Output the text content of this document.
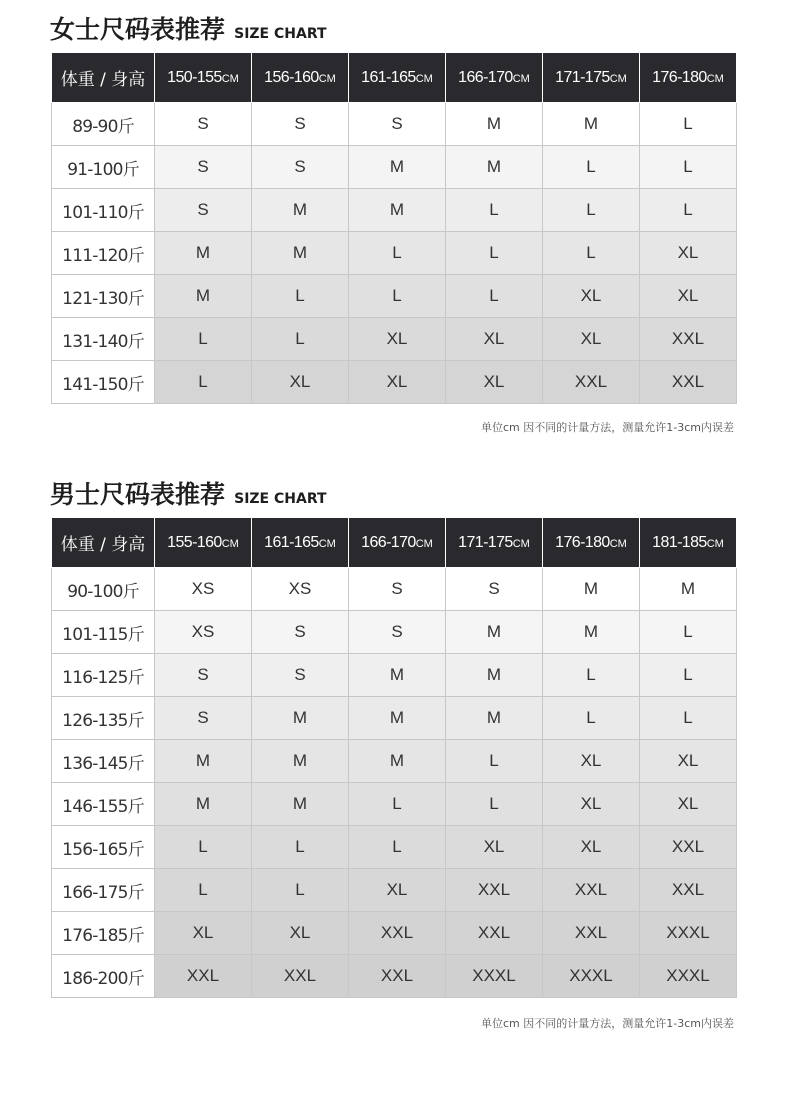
女士尺码表推荐 SIZE CHART
体重 / 身高	150-155CM	156-160CM	161-165CM	166-170CM	171-175CM	176-180CM
89-90斤	S	S	S	M	M	L
91-100斤	S	S	M	M	L	L
101-110斤	S	M	M	L	L	L
111-120斤	M	M	L	L	L	XL
121-130斤	M	L	L	L	XL	XL
131-140斤	L	L	XL	XL	XL	XXL
141-150斤	L	XL	XL	XL	XXL	XXL
单位cm 因不同的计量方法，测量允许1-3cm内误差
男士尺码表推荐 SIZE CHART
体重 / 身高	155-160CM	161-165CM	166-170CM	171-175CM	176-180CM	181-185CM
90-100斤	XS	XS	S	S	M	M
101-115斤	XS	S	S	M	M	L
116-125斤	S	S	M	M	L	L
126-135斤	S	M	M	M	L	L
136-145斤	M	M	M	L	XL	XL
146-155斤	M	M	L	L	XL	XL
156-165斤	L	L	L	XL	XL	XXL
166-175斤	L	L	XL	XXL	XXL	XXL
176-185斤	XL	XL	XXL	XXL	XXL	XXXL
186-200斤	XXL	XXL	XXL	XXXL	XXXL	XXXL
单位cm 因不同的计量方法，测量允许1-3cm内误差
